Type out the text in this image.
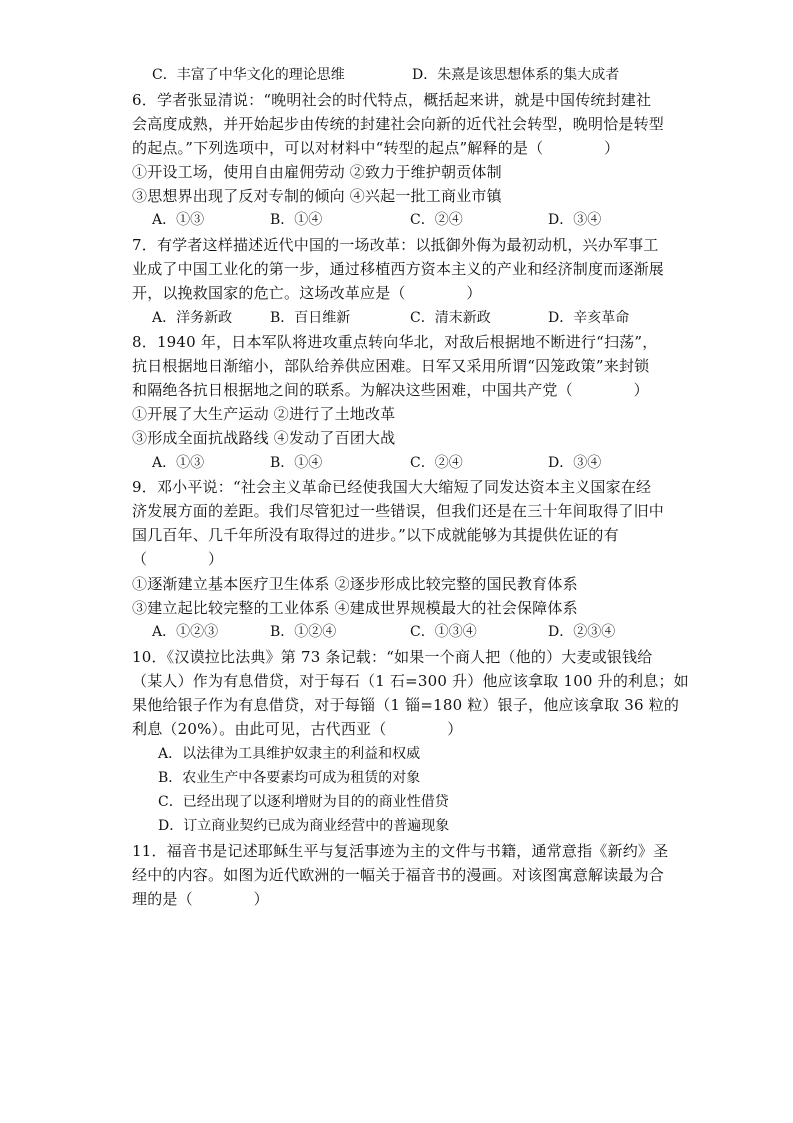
C．丰富了中华文化的理论思维	D．朱熹是该思想体系的集大成者
6．学者张显清说：“晚明社会的时代特点，概括起来讲，就是中国传统封建社
会高度成熟，并开始起步由传统的封建社会向新的近代社会转型，晚明恰是转型
的起点。”下列选项中，可以对材料中“转型的起点”解释的是（　　　　）
①开设工场，使用自由雇佣劳动 ②致力于维护朝贡体制
③思想界出现了反对专制的倾向 ④兴起一批工商业市镇
A．①③	B．①④	C．②④	D．③④
7．有学者这样描述近代中国的一场改革：以抵御外侮为最初动机，兴办军事工
业成了中国工业化的第一步，通过移植西方资本主义的产业和经济制度而逐渐展
开，以挽救国家的危亡。这场改革应是（　　　　）
A．洋务新政	B．百日维新	C．清末新政	D．辛亥革命
8．1940 年，日本军队将进攻重点转向华北，对敌后根据地不断进行“扫荡”，
抗日根据地日渐缩小，部队给养供应困难。日军又采用所谓“囚笼政策”来封锁
和隔绝各抗日根据地之间的联系。为解决这些困难，中国共产党（　　　　）
①开展了大生产运动 ②进行了土地改革
③形成全面抗战路线 ④发动了百团大战
A．①③	B．①④	C．②④	D．③④
9．邓小平说：“社会主义革命已经使我国大大缩短了同发达资本主义国家在经
济发展方面的差距。我们尽管犯过一些错误，但我们还是在三十年间取得了旧中
国几百年、几千年所没有取得过的进步。”以下成就能够为其提供佐证的有
（　　　　）
①逐渐建立基本医疗卫生体系 ②逐步形成比较完整的国民教育体系
③建立起比较完整的工业体系 ④建成世界规模最大的社会保障体系
A．①②③	B．①②④	C．①③④	D．②③④
10．《汉谟拉比法典》第 73 条记载：“如果一个商人把（他的）大麦或银钱给
（某人）作为有息借贷，对于每石（1 石=300 升）他应该拿取 100 升的利息；如
果他给银子作为有息借贷，对于每锱（1 锱=180 粒）银子，他应该拿取 36 粒的
利息（20%）。由此可见，古代西亚（　　　　）
A．以法律为工具维护奴隶主的利益和权威
B．农业生产中各要素均可成为租赁的对象
C．已经出现了以逐利增财为目的的商业性借贷
D．订立商业契约已成为商业经营中的普遍现象
11．福音书是记述耶稣生平与复活事迹为主的文件与书籍，通常意指《新约》圣
经中的内容。如图为近代欧洲的一幅关于福音书的漫画。对该图寓意解读最为合
理的是（　　　　）
